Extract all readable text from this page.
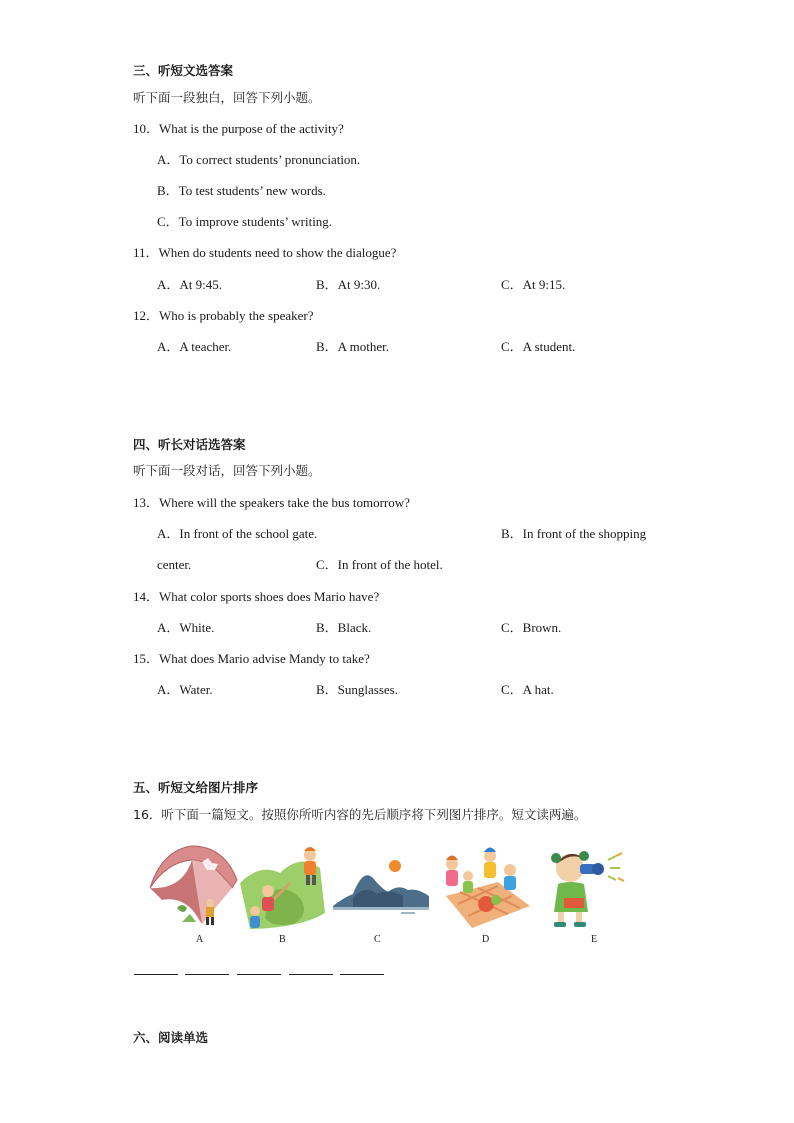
三、听短文选答案
听下面一段独白，回答下列小题。
10．What is the purpose of the activity?
A．To correct students’ pronunciation.
B．To test students’ new words.
C．To improve students’ writing.
11．When do students need to show the dialogue?
A．At 9:45.	B．At 9:30.	C．At 9:15.
12．Who is probably the speaker?
A．A teacher.	B．A mother.	C．A student.
四、听长对话选答案
听下面一段对话，回答下列小题。
13．Where will the speakers take the bus tomorrow?
A．In front of the school gate.	B．In front of the shopping
center.	C．In front of the hotel.
14．What color sports shoes does Mario have?
A．White.	B．Black.	C．Brown.
15．What does Mario advise Mandy to take?
A．Water.	B．Sunglasses.	C．A hat.
五、听短文给图片排序
16．听下面一篇短文。按照你所听内容的先后顺序将下列图片排序。短文读两遍。
A	B	C	D	E
六、阅读单选
